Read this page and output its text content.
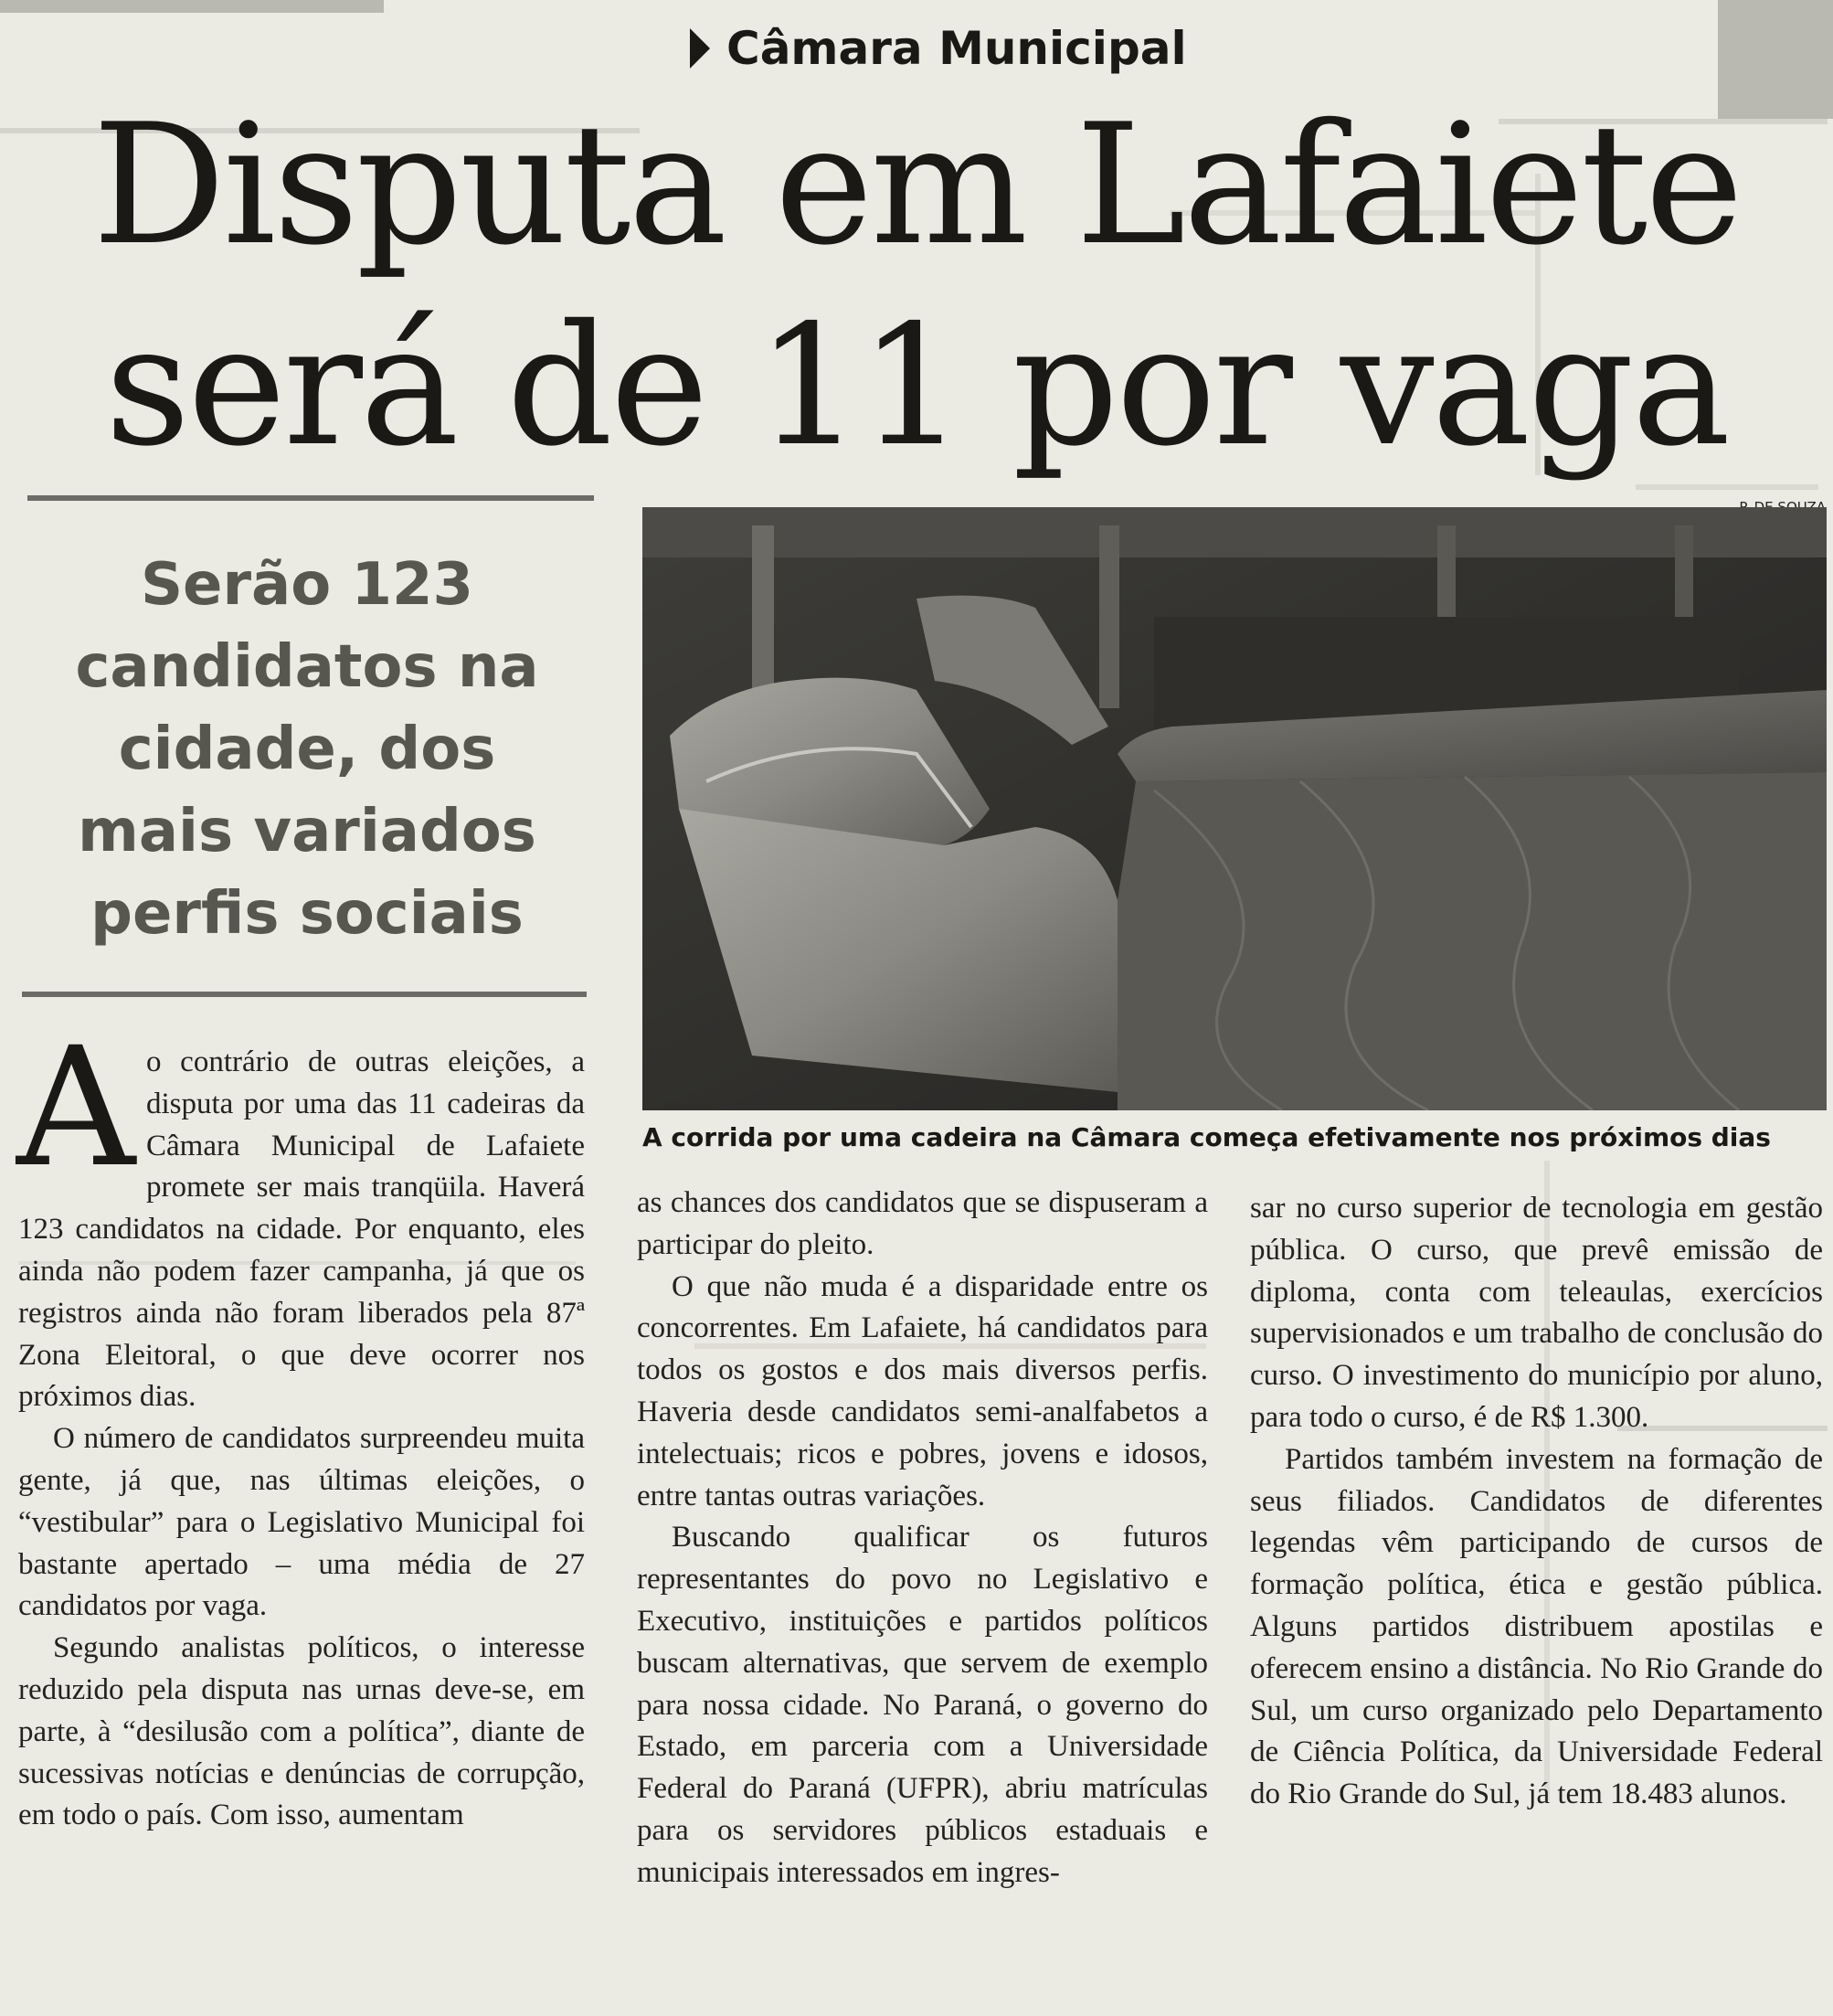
Câmara Municipal
Disputa em Lafaiete
será de 11 por vaga
Serão 123
candidatos na
cidade, dos
mais variados
perfis sociais
A corrida por uma cadeira na Câmara começa efetivamente nos próximos dias

Ao contrário de outras eleições, a disputa por uma das 11 cadeiras da Câmara Municipal de Lafaiete promete ser mais tranqüila. Haverá 123 candidatos na cidade. Por enquanto, eles ainda não podem fazer campanha, já que os registros ainda não foram liberados pela 87ª Zona Eleitoral, o que deve ocorrer nos próximos dias.

O número de candidatos surpreendeu muita gente, já que, nas últimas eleições, o “vestibular” para o Legislativo Municipal foi bastante apertado – uma média de 27 candidatos por vaga.

Segundo analistas políticos, o interesse reduzido pela disputa nas urnas deve-se, em parte, à “desilusão com a política”, diante de sucessivas notícias e denúncias de corrupção, em todo o país. Com isso, aumentam

as chances dos candidatos que se dispuseram a participar do pleito.

O que não muda é a disparidade entre os concorrentes. Em Lafaiete, há candidatos para todos os gostos e dos mais diversos perfis. Haveria desde candidatos semi-analfabetos a intelectuais; ricos e pobres, jovens e idosos, entre tantas outras variações.

Buscando qualificar os futuros representantes do povo no Legislativo e Executivo, instituições e partidos políticos buscam alternativas, que servem de exemplo para nossa cidade. No Paraná, o governo do Estado, em parceria com a Universidade Federal do Paraná (UFPR), abriu matrículas para os servidores públicos estaduais e municipais interessados em ingres-

sar no curso superior de tecnologia em gestão pública. O curso, que prevê emissão de diploma, conta com teleaulas, exercícios supervisionados e um trabalho de conclusão do curso. O investimento do município por aluno, para todo o curso, é de R$ 1.300.

Partidos também investem na formação de seus filiados. Candidatos de diferentes legendas vêm participando de cursos de formação política, ética e gestão pública. Alguns partidos distribuem apostilas e oferecem ensino a distância. No Rio Grande do Sul, um curso organizado pelo Departamento de Ciência Política, da Universidade Federal do Rio Grande do Sul, já tem 18.483 alunos.
